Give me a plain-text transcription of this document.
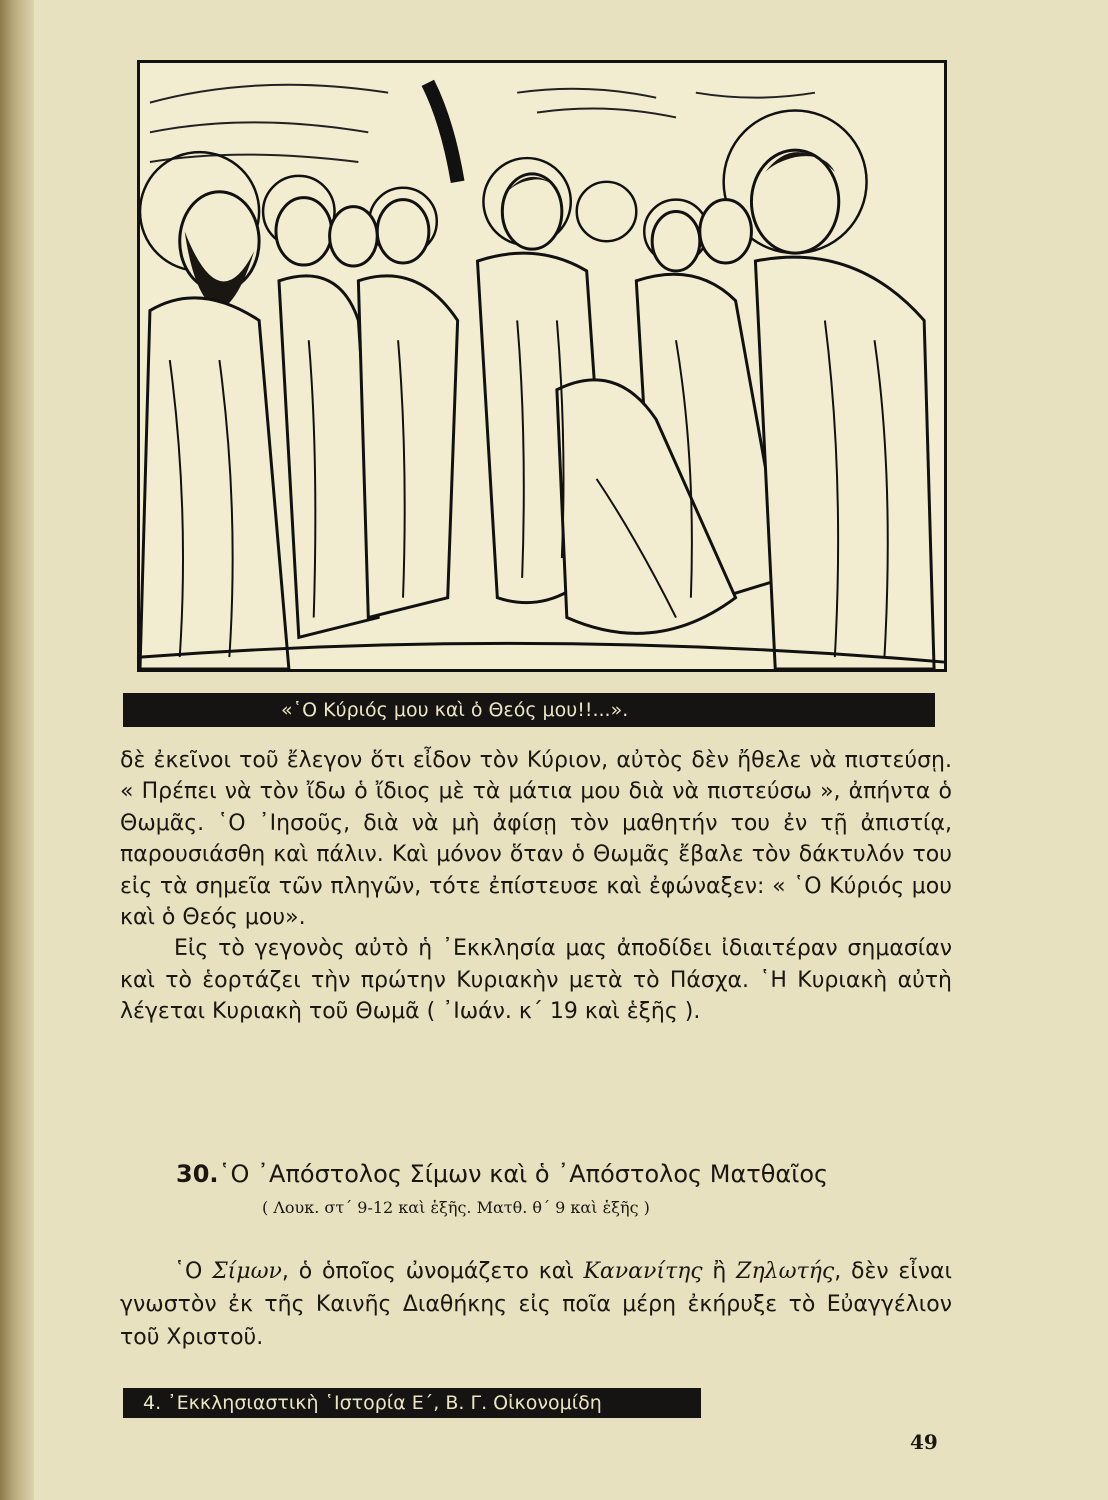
«῾Ο Κύριός μου καὶ ὁ Θεός μου!!...».

δὲ ἐκεῖνοι τοῦ ἔλεγον ὅτι εἶδον τὸν Κύριον, αὐτὸς δὲν ἤθελε νὰ πιστεύσῃ. « Πρέπει νὰ τὸν ἴδω ὁ ἴδιος μὲ τὰ μάτια μου διὰ νὰ πιστεύσω », ἀπήντα ὁ Θωμᾶς. ῾Ο ᾿Ιησοῦς, διὰ νὰ μὴ ἀφίσῃ τὸν μαθητήν του ἐν τῇ ἀπιστίᾳ, παρουσιάσθη καὶ πάλιν. Καὶ μόνον ὅταν ὁ Θωμᾶς ἔβαλε τὸν δάκτυλόν του εἰς τὰ σημεῖα τῶν πληγῶν, τότε ἐπίστευσε καὶ ἐφώναξεν: « ῾Ο Κύριός μου καὶ ὁ Θεός μου».

Εἰς τὸ γεγονὸς αὐτὸ ἡ ᾿Εκκλησία μας ἀποδίδει ἰδιαιτέραν σημασίαν καὶ τὸ ἑορτάζει τὴν πρώτην Κυριακὴν μετὰ τὸ Πάσχα. ῾Η Κυριακὴ αὐτὴ λέγεται Κυριακὴ τοῦ Θωμᾶ ( ᾿Ιωάν. κ΄ 19 καὶ ἑξῆς ).

30.῾Ο ᾿Απόστολος Σίμων καὶ ὁ ᾿Απόστολος Ματθαῖος
( Λουκ. στ΄ 9-12 καὶ ἑξῆς. Ματθ. θ΄ 9 καὶ ἑξῆς )

῾Ο Σίμων, ὁ ὁποῖος ὠνομάζετο καὶ Κανανίτης ἢ Ζηλωτής, δὲν εἶναι γνωστὸν ἐκ τῆς Καινῆς Διαθήκης εἰς ποῖα μέρη ἐκήρυξε τὸ Εὐαγγέλιον τοῦ Χριστοῦ.

4. ᾿Εκκλησιαστικὴ ῾Ιστορία Ε΄, Β. Γ. Οἰκονομίδη
49
